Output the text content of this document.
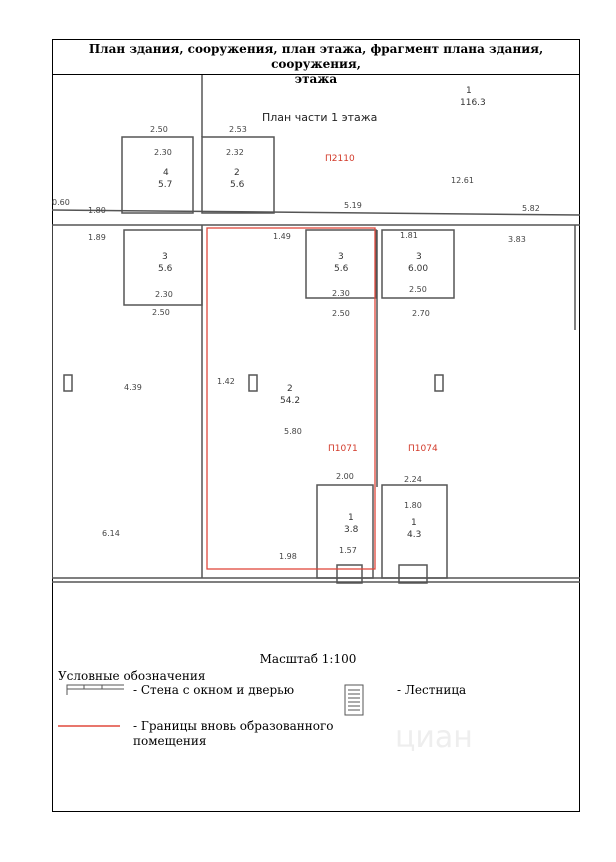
План здания, сооружения, план этажа, фрагмент плана здания, сооружения,
этажа
План части 1 этажа
П2110
П1071	П1074
1
116.3
4
5.7
2
5.6
3
5.6
3
5.6
3
6.00
2
54.2
1
3.8
1
4.3
2.50	2.53
2.30	2.32
12.61
0.60
1.80
5.19	5.82
1.89	1.49	1.81	3.83
2.30	2.30	2.50
2.50	2.50	2.70
4.39
1.42
5.80
2.00	2.24
1.80
6.14
1.98
1.57
Масштаб 1:100
Условные обозначения
- Стена с окном и дверью	- Лестница
- Границы вновь образованного
помещения	циан
